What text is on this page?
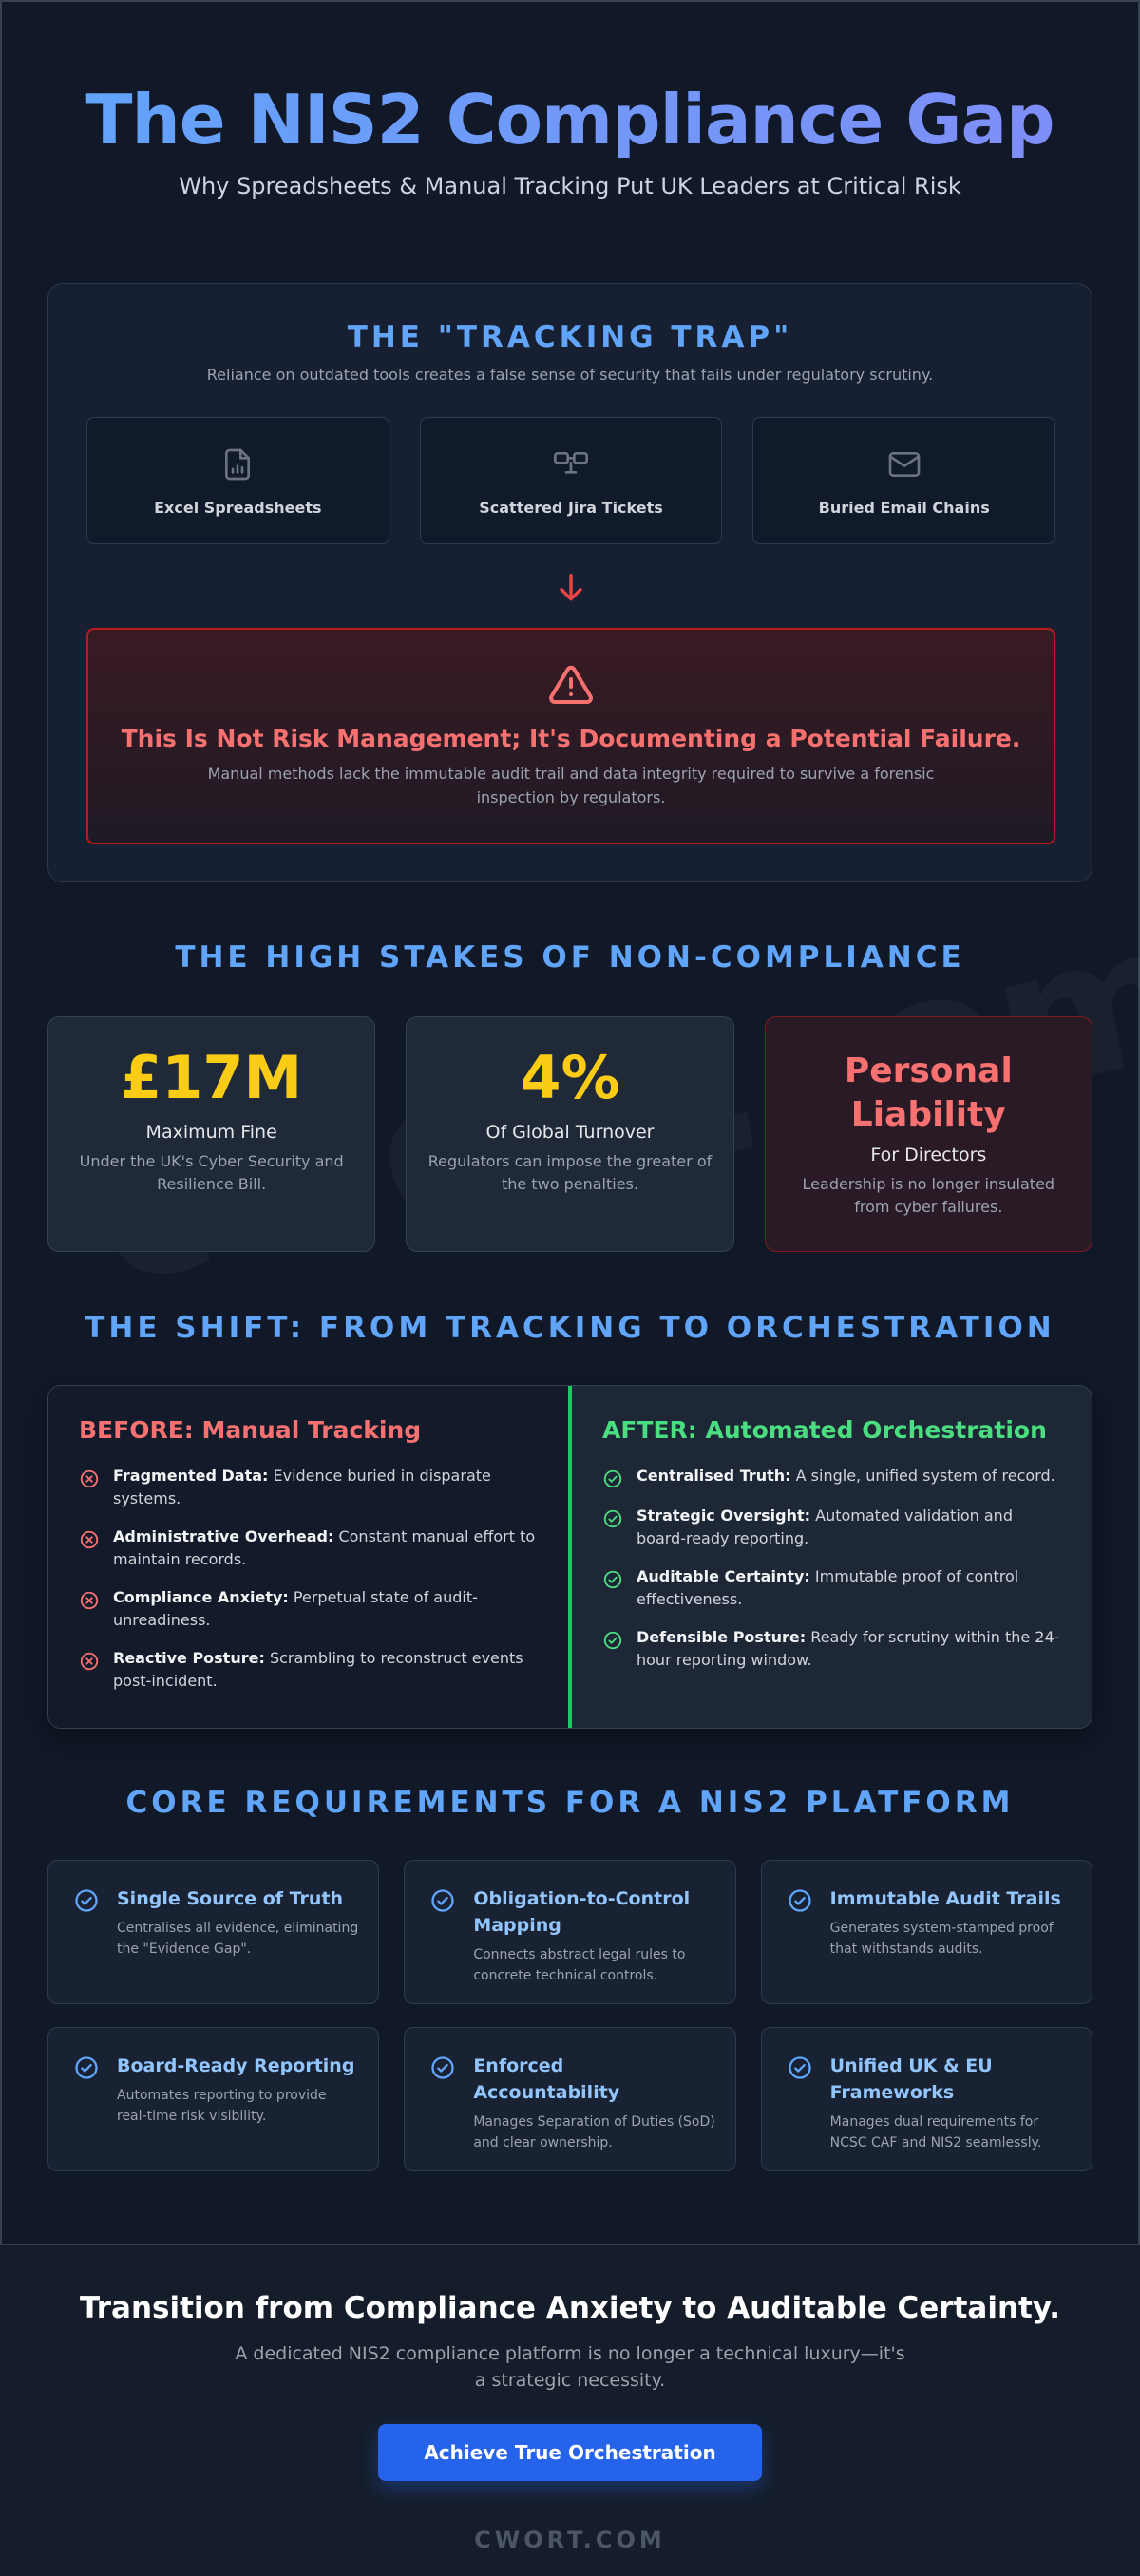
The NIS2 Compliance Gap
Why Spreadsheets & Manual Tracking Put UK Leaders at Critical Risk
THE "TRACKING TRAP"

Reliance on outdated tools creates a false sense of security that fails under regulatory scrutiny.

Excel Spreadsheets	Scattered Jira Tickets	Buried Email Chains
This Is Not Risk Management; It's Documenting a Potential Failure.
Manual methods lack the immutable audit trail and data integrity required to survive a forensic inspection by regulators.
THE HIGH STAKES OF NON-COMPLIANCE
£17M
Maximum Fine
Under the UK's Cyber Security and Resilience Bill.
4%
Of Global Turnover
Regulators can impose the greater of the two penalties.
Personal Liability
For Directors
Leadership is no longer insulated from cyber failures.
THE SHIFT: FROM TRACKING TO ORCHESTRATION
BEFORE: Manual Tracking
Fragmented Data: Evidence buried in disparate systems.
Administrative Overhead: Constant manual effort to maintain records.
Compliance Anxiety: Perpetual state of audit-unreadiness.
Reactive Posture: Scrambling to reconstruct events post-incident.
AFTER: Automated Orchestration
Centralised Truth: A single, unified system of record.
Strategic Oversight: Automated validation and board-ready reporting.
Auditable Certainty: Immutable proof of control effectiveness.
Defensible Posture: Ready for scrutiny within the 24-hour reporting window.
CORE REQUIREMENTS FOR A NIS2 PLATFORM
Single Source of Truth
Centralises all evidence, eliminating the "Evidence Gap".
Obligation-to-Control Mapping
Connects abstract legal rules to concrete technical controls.
Immutable Audit Trails
Generates system-stamped proof that withstands audits.
Board-Ready Reporting
Automates reporting to provide real-time risk visibility.
Enforced Accountability
Manages Separation of Duties (SoD) and clear ownership.
Unified UK & EU Frameworks
Manages dual requirements for NCSC CAF and NIS2 seamlessly.
Transition from Compliance Anxiety to Auditable Certainty.

A dedicated NIS2 compliance platform is no longer a technical luxury—it's a strategic necessity.

Achieve True Orchestration
CWORT.COM
